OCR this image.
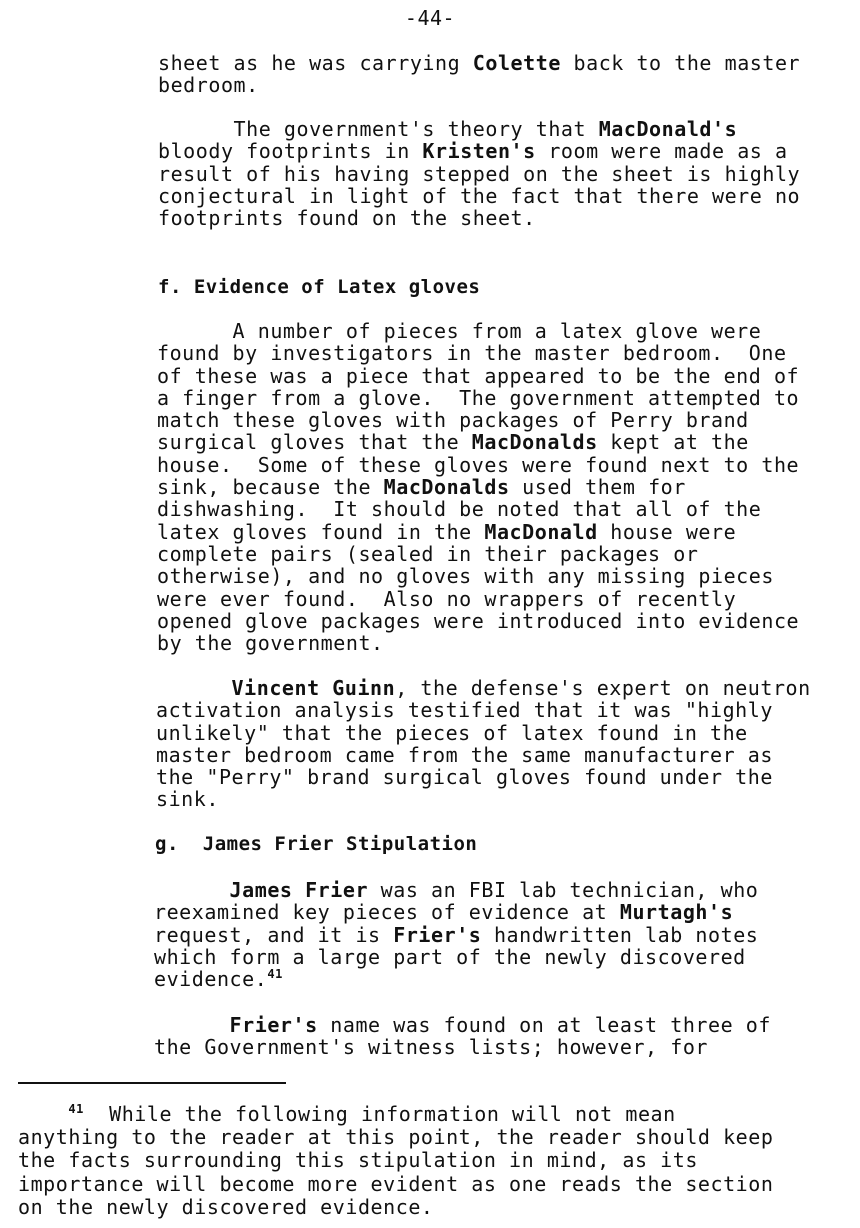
-44-
sheet as he was carrying Colette back to the master
bedroom.
The government's theory that MacDonald's
bloody footprints in Kristen's room were made as a
result of his having stepped on the sheet is highly
conjectural in light of the fact that there were no
footprints found on the sheet.
f. Evidence of Latex gloves
A number of pieces from a latex glove were
found by investigators in the master bedroom.  One
of these was a piece that appeared to be the end of
a finger from a glove.  The government attempted to
match these gloves with packages of Perry brand
surgical gloves that the MacDonalds kept at the
house.  Some of these gloves were found next to the
sink, because the MacDonalds used them for
dishwashing.  It should be noted that all of the
latex gloves found in the MacDonald house were
complete pairs (sealed in their packages or
otherwise), and no gloves with any missing pieces
were ever found.  Also no wrappers of recently
opened glove packages were introduced into evidence
by the government.
Vincent Guinn, the defense's expert on neutron
activation analysis testified that it was "highly
unlikely" that the pieces of latex found in the
master bedroom came from the same manufacturer as
the "Perry" brand surgical gloves found under the
sink.
g.  James Frier Stipulation
James Frier was an FBI lab technician, who
reexamined key pieces of evidence at Murtagh's
request, and it is Frier's handwritten lab notes
which form a large part of the newly discovered
evidence.$^{41}$
Frier's name was found on at least three of
the Government's witness lists; however, for
$^{41}$  While the following information will not mean
anything to the reader at this point, the reader should keep
the facts surrounding this stipulation in mind, as its
importance will become more evident as one reads the section
on the newly discovered evidence.
